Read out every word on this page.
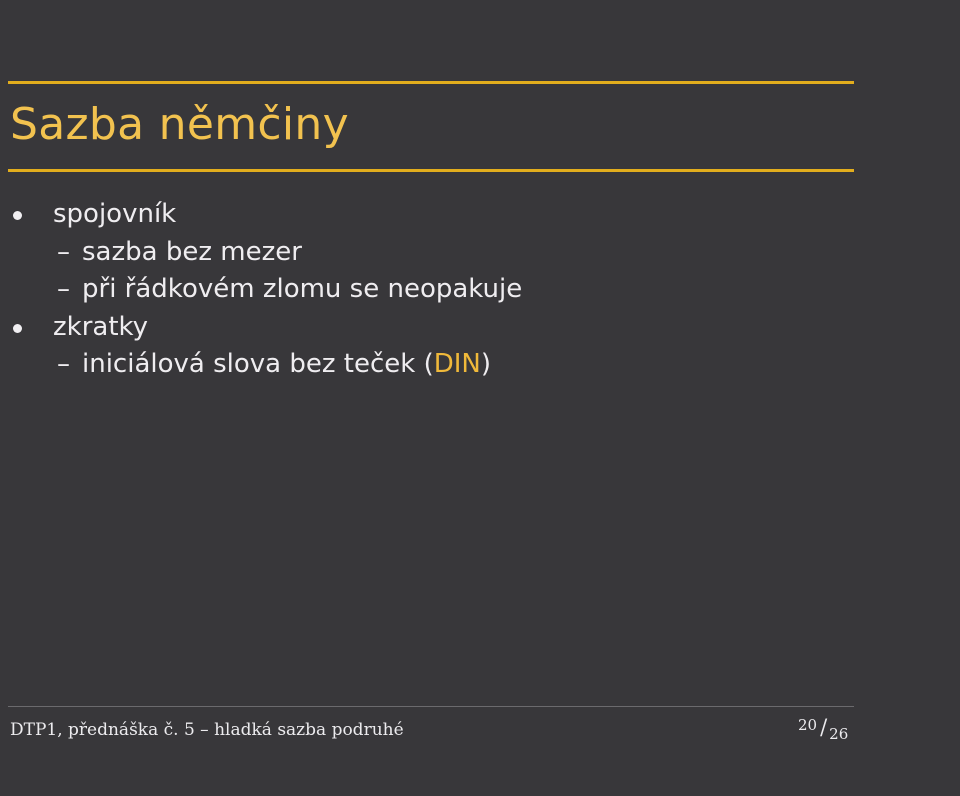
Sazba němčiny
spojovník
– sazba bez mezer
– při řádkovém zlomu se neopakuje
zkratky
– iniciálová slova bez teček (DIN)
DTP1, přednáška č. 5 – hladká sazba podruhé	20 / 26
